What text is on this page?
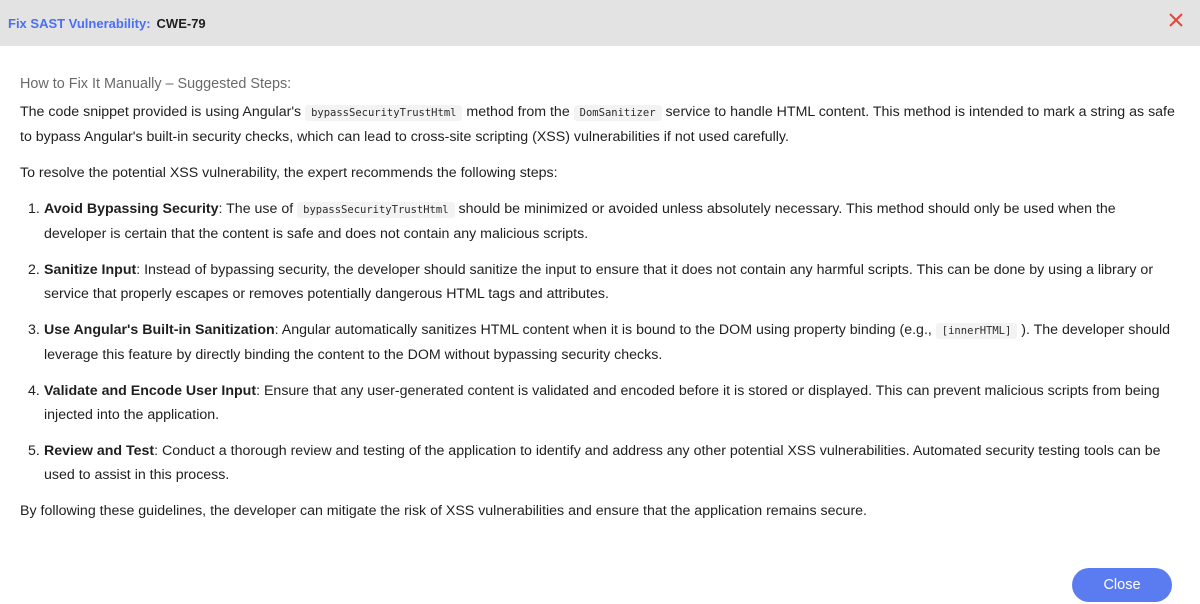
Fix SAST Vulnerability: CWE-79
How to Fix It Manually – Suggested Steps:

The code snippet provided is using Angular's bypassSecurityTrustHtml method from the DomSanitizer service to handle HTML content. This method is intended to mark a string as safe to bypass Angular's built-in security checks, which can lead to cross-site scripting (XSS) vulnerabilities if not used carefully.

To resolve the potential XSS vulnerability, the expert recommends the following steps:

1. Avoid Bypassing Security: The use of bypassSecurityTrustHtml should be minimized or avoided unless absolutely necessary. This method should only be used when the developer is certain that the content is safe and does not contain any malicious scripts.
2. Sanitize Input: Instead of bypassing security, the developer should sanitize the input to ensure that it does not contain any harmful scripts. This can be done by using a library or service that properly escapes or removes potentially dangerous HTML tags and attributes.
3. Use Angular's Built-in Sanitization: Angular automatically sanitizes HTML content when it is bound to the DOM using property binding (e.g., [innerHTML] ). The developer should leverage this feature by directly binding the content to the DOM without bypassing security checks.
4. Validate and Encode User Input: Ensure that any user-generated content is validated and encoded before it is stored or displayed. This can prevent malicious scripts from being injected into the application.
5. Review and Test: Conduct a thorough review and testing of the application to identify and address any other potential XSS vulnerabilities. Automated security testing tools can be used to assist in this process.

By following these guidelines, the developer can mitigate the risk of XSS vulnerabilities and ensure that the application remains secure.

Close
